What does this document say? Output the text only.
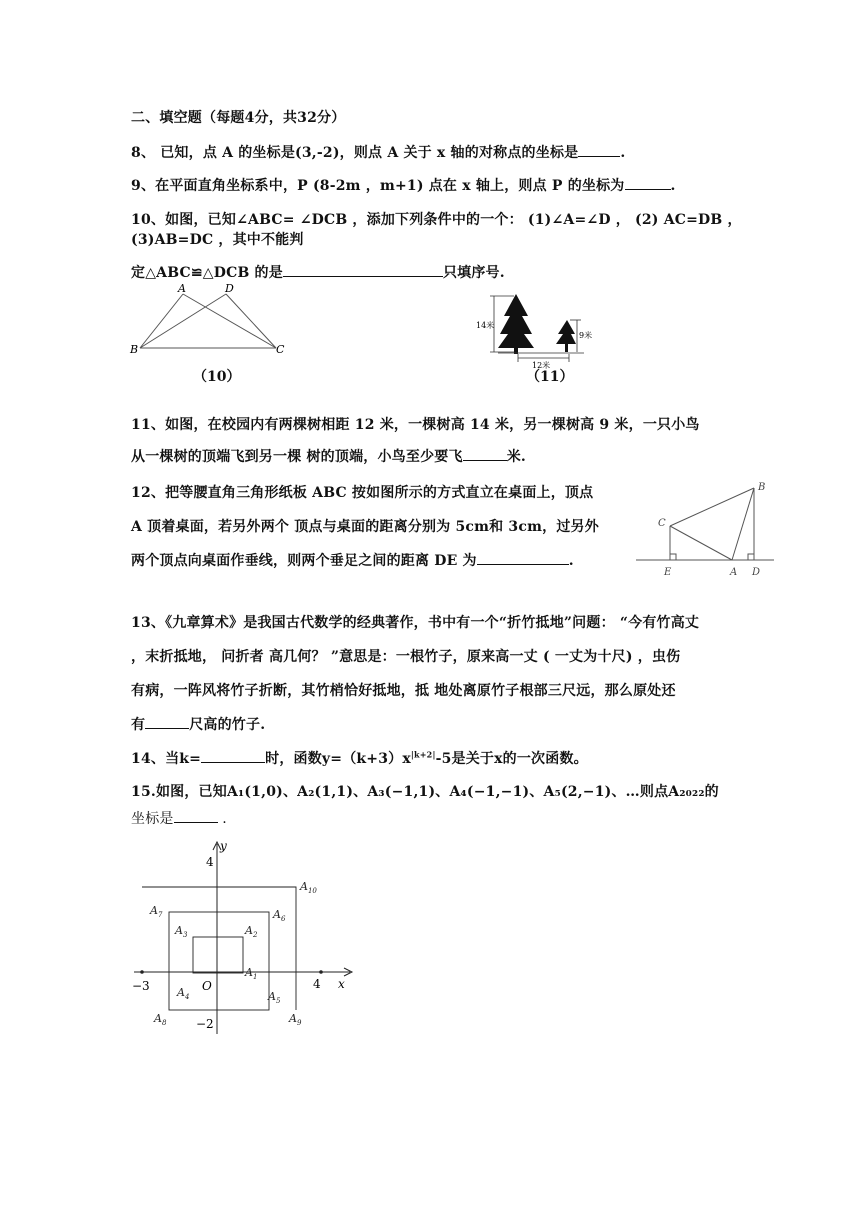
二、填空题（每题4分，共32分）
8、 已知，点 A 的坐标是(3,-2)，则点 A 关于 x 轴的对称点的坐标是	.
9、在平面直角坐标系中，P (8-2m ，m+1) 点在 x 轴上，则点 P 的坐标为	.
10、如图，已知∠ABC= ∠DCB ，添加下列条件中的一个： (1)∠A=∠D ， (2) AC=DB ，
(3)AB=DC ，其中不能判
定△ABC≌△DCB 的是	只填序号.
A	D
B	C
（10）
14米
9米
12米
（11）
11、如图，在校园内有两棵树相距 12 米，一棵树高 14 米，另一棵树高 9 米，一只小鸟
从一棵树的顶端飞到另一棵 树的顶端，小鸟至少要飞	米.
12、把等腰直角三角形纸板 ABC 按如图所示的方式直立在桌面上，顶点
A 顶着桌面，若另外两个 顶点与桌面的距离分别为 5cm和 3cm，过另外
两个顶点向桌面作垂线，则两个垂足之间的距离 DE 为	.
B
C
E	A D
13、《九章算术》是我国古代数学的经典著作，书中有一个“折竹抵地”问题： “今有竹高丈
，末折抵地， 问折者 高几何？ ”意思是：一根竹子，原来高一丈 ( 一丈为十尺) ，虫伤
有病，一阵风将竹子折断，其竹梢恰好抵地，抵 地处离原竹子根部三尺远，那么原处还
有	尺高的竹子.
14、当k=	时，函数$y=(k+3)x^{|k+2|}-5$是关于x的一次函数。
15.如图，已知A₁(1,0)、A₂(1,1)、A₃(−1,1)、A₄(−1,−1)、A₅(2,−1)、…则点A₂₀₂₂的
坐标是	.
y
x
O
4
−2
−3	4
$A_1$
$A_2$
$A_3$
$A_4$	$A_5$
$A_6$
$A_7$
$A_8$	$A_9$
$A_{10}$
